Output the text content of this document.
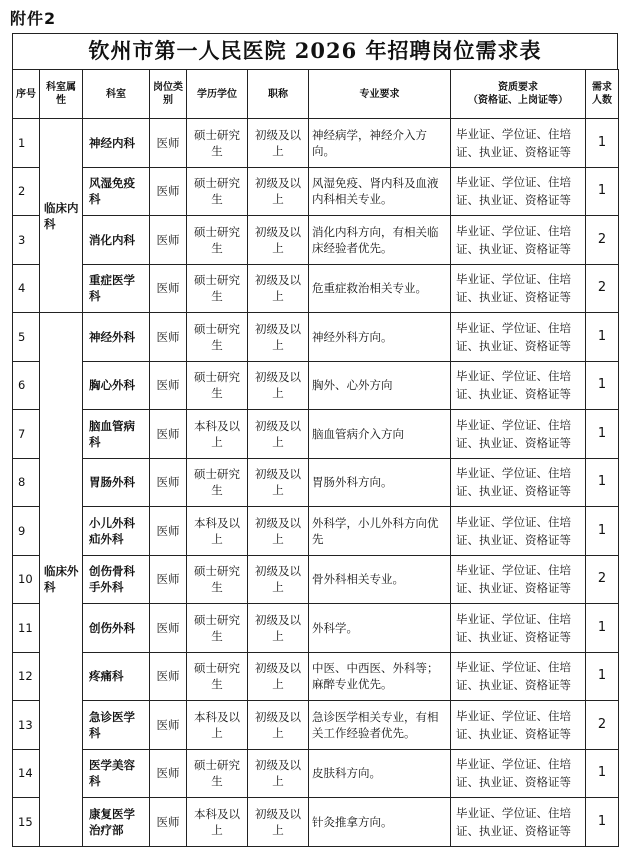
附件2
钦州市第一人民医院 2026 年招聘岗位需求表
序号	科室属性	科室	岗位类别	学历学位	职称	专业要求	资质要求
（资格证、上岗证等）	需求人数
1	临床内科	神经内科	医师	硕士研究生	初级及以上	神经病学，神经介入方向。	毕业证、学位证、住培证、执业证、资格证等	1
2		风湿免疫科	医师	硕士研究生	初级及以上	风湿免疫、肾内科及血液内科相关专业。	毕业证、学位证、住培证、执业证、资格证等	1
3		消化内科	医师	硕士研究生	初级及以上	消化内科方向，有相关临床经验者优先。	毕业证、学位证、住培证、执业证、资格证等	2
4		重症医学科	医师	硕士研究生	初级及以上	危重症救治相关专业。	毕业证、学位证、住培证、执业证、资格证等	2
5	临床外科	神经外科	医师	硕士研究生	初级及以上	神经外科方向。	毕业证、学位证、住培证、执业证、资格证等	1
6		胸心外科	医师	硕士研究生	初级及以上	胸外、心外方向	毕业证、学位证、住培证、执业证、资格证等	1
7		脑血管病科	医师	本科及以上	初级及以上	脑血管病介入方向	毕业证、学位证、住培证、执业证、资格证等	1
8		胃肠外科	医师	硕士研究生	初级及以上	胃肠外科方向。	毕业证、学位证、住培证、执业证、资格证等	1
9		小儿外科疝外科	医师	本科及以上	初级及以上	外科学，小儿外科方向优先	毕业证、学位证、住培证、执业证、资格证等	1
10		创伤骨科手外科	医师	硕士研究生	初级及以上	骨外科相关专业。	毕业证、学位证、住培证、执业证、资格证等	2
11		创伤外科	医师	硕士研究生	初级及以上	外科学。	毕业证、学位证、住培证、执业证、资格证等	1
12		疼痛科	医师	硕士研究生	初级及以上	中医、中西医、外科等；麻醉专业优先。	毕业证、学位证、住培证、执业证、资格证等	1
13		急诊医学科	医师	本科及以上	初级及以上	急诊医学相关专业，有相关工作经验者优先。	毕业证、学位证、住培证、执业证、资格证等	2
14		医学美容科	医师	硕士研究生	初级及以上	皮肤科方向。	毕业证、学位证、住培证、执业证、资格证等	1
15		康复医学治疗部	医师	本科及以上	初级及以上	针灸推拿方向。	毕业证、学位证、住培证、执业证、资格证等	1
